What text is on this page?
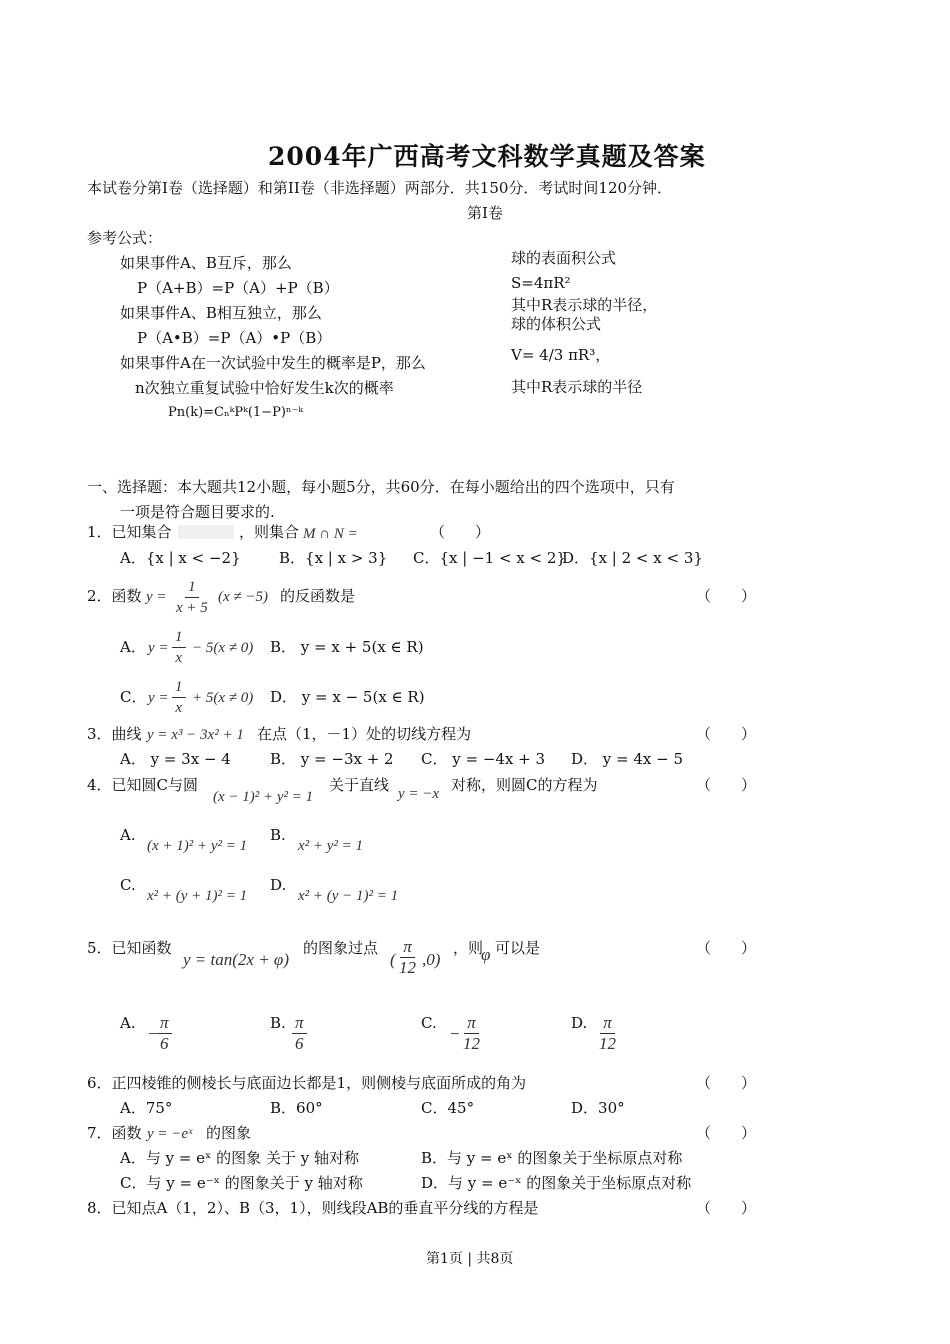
2004年广西高考文科数学真题及答案
本试卷分第Ⅰ卷（选择题）和第II卷（非选择题）两部分．共150分．考试时间120分钟．
第Ⅰ卷
参考公式：
如果事件A、B互斥，那么
P（A+B）=P（A）+P（B）
如果事件A、B相互独立，那么
P（A•B）=P（A）•P（B）
如果事件A在一次试验中发生的概率是P，那么
n次独立重复试验中恰好发生k次的概率
Pn(k)=CₙᵏPᵏ(1−P)ⁿ⁻ᵏ
球的表面积公式
S=4πR²
其中R表示球的半径，
球的体积公式
V= 4/3 πR³，
其中R表示球的半径
一、选择题：本大题共12小题，每小题5分，共60分．在每小题给出的四个选项中，只有
一项是符合题目要求的.
1．已知集合	，则集合 M ∩ N =	（　　）
A．{x | x < −2}	B．{x | x > 3} C．{x | −1 < x < 2}
D．{x | 2 < x < 3}
2．函数 $y = \frac{1}{x + 5} (x \ne -5)$ 的反函数是	（　　）
A． $y = \frac{1}{x} - 5(x \ne 0)$ B． y = x + 5(x ∈ R)
C． $y = \frac{1}{x} + 5(x \ne 0)$ D． y = x − 5(x ∈ R)
3．曲线 y = x³ − 3x² + 1 在点（1，－1）处的切线方程为	（　　）
A． y = 3x − 4	B． y = −3x + 2 C． y = −4x + 3 D． y = 4x − 5
4．已知圆C与圆
(x − 1)² + y² = 1
关于直线 y = −x 对称，则圆C的方程为	（　　）
A.
(x + 1)² + y² = 1
B.
x² + y² = 1
C.
x² + (y + 1)² = 1
D.
x² + (y − 1)² = 1
5．已知函数
y = tan(2x + φ)
的图象过点
( $\frac{\pi}{12} ,0$)
，则
φ 可以是	（　　）
A.
−
$\frac{\pi}{6}$	B. $\frac{\pi}{6}$	C.
− $\frac{\pi}{12}$	D. $\frac{\pi}{12}$
6．正四棱锥的侧棱长与底面边长都是1，则侧棱与底面所成的角为	（　　）
A．75°	B．60°	C．45°	D．30°
7．函数 y = −eˣ 的图象	（　　）
A．与 y = eˣ 的图象 关于 y 轴对称	B．与 y = eˣ 的图象关于坐标原点对称
C．与 y = e⁻ˣ 的图象关于 y 轴对称	D．与 y = e⁻ˣ 的图象关于坐标原点对称
8．已知点A（1，2）、B（3，1），则线段AB的垂直平分线的方程是	（　　）
第1页 | 共8页
